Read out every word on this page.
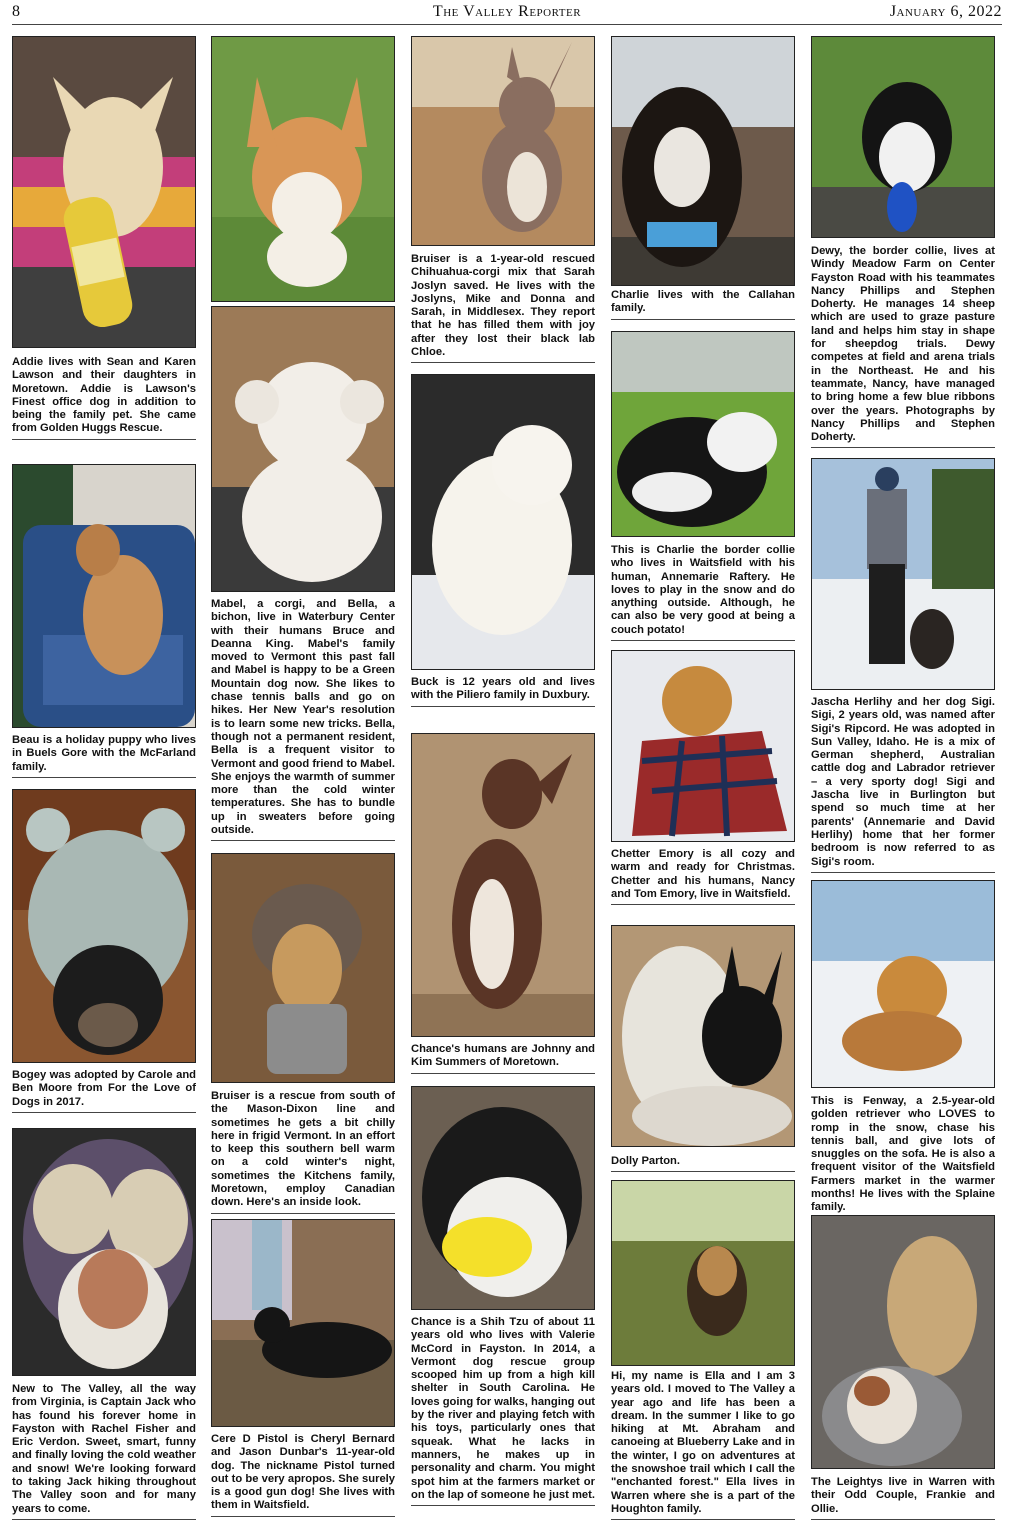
8	The Valley Reporter	January 6, 2022
Addie lives with Sean and Karen Lawson and their daughters in Moretown. Addie is Lawson's Finest office dog in addition to being the family pet. She came from Golden Huggs Rescue.
Beau is a holiday puppy who lives in Buels Gore with the McFarland family.
Bogey was adopted by Carole and Ben Moore from For the Love of Dogs in 2017.
New to The Valley, all the way from Virginia, is Captain Jack who has found his forever home in Fayston with Rachel Fisher and Eric Verdon. Sweet, smart, funny and finally loving the cold weather and snow! We're looking forward to taking Jack hiking throughout The Valley soon and for many years to come.
Mabel, a corgi, and Bella, a bichon, live in Waterbury Center with their humans Bruce and Deanna King. Mabel's family moved to Vermont this past fall and Mabel is happy to be a Green Mountain dog now. She likes to chase tennis balls and go on hikes. Her New Year's resolution is to learn some new tricks. Bella, though not a permanent resident, Bella is a frequent visitor to Vermont and good friend to Mabel. She enjoys the warmth of summer more than the cold winter temperatures. She has to bundle up in sweaters before going outside.
Bruiser is a rescue from south of the Mason-Dixon line and sometimes he gets a bit chilly here in frigid Vermont. In an effort to keep this southern bell warm on a cold winter's night, sometimes the Kitchens family, Moretown, employ Canadian down. Here's an inside look.
Cere D Pistol is Cheryl Bernard and Jason Dunbar's 11-year-old dog. The nickname Pistol turned out to be very apropos. She surely is a good gun dog! She lives with them in Waitsfield.
Bruiser is a 1-year-old rescued Chihuahua-corgi mix that Sarah Joslyn saved. He lives with the Joslyns, Mike and Donna and Sarah, in Middlesex. They report that he has filled them with joy after they lost their black lab Chloe.
Buck is 12 years old and lives with the Piliero family in Duxbury.
Chance's humans are Johnny and Kim Summers of Moretown.
Chance is a Shih Tzu of about 11 years old who lives with Valerie McCord in Fayston. In 2014, a Vermont dog rescue group scooped him up from a high kill shelter in South Carolina. He loves going for walks, hanging out by the river and playing fetch with his toys, particularly ones that squeak. What he lacks in manners, he makes up in personality and charm. You might spot him at the farmers market or on the lap of someone he just met.
Charlie lives with the Callahan family.
This is Charlie the border collie who lives in Waitsfield with his human, Annemarie Raftery. He loves to play in the snow and do anything outside. Although, he can also be very good at being a couch potato!
Chetter Emory is all cozy and warm and ready for Christmas. Chetter and his humans, Nancy and Tom Emory, live in Waitsfield.
Dolly Parton.
Hi, my name is Ella and I am 3 years old. I moved to The Valley a year ago and life has been a dream. In the summer I like to go hiking at Mt. Abraham and canoeing at Blueberry Lake and in the winter, I go on adventures at the snowshoe trail which I call the "enchanted forest." Ella lives in Warren where she is a part of the Houghton family.
Dewy, the border collie, lives at Windy Meadow Farm on Center Fayston Road with his teammates Nancy Phillips and Stephen Doherty. He manages 14 sheep which are used to graze pasture land and helps him stay in shape for sheepdog trials. Dewy competes at field and arena trials in the Northeast. He and his teammate, Nancy, have managed to bring home a few blue ribbons over the years. Photographs by Nancy Phillips and Stephen Doherty.
Jascha Herlihy and her dog Sigi. Sigi, 2 years old, was named after Sigi's Ripcord. He was adopted in Sun Valley, Idaho. He is a mix of German shepherd, Australian cattle dog and Labrador retriever – a very sporty dog! Sigi and Jascha live in Burlington but spend so much time at her parents' (Annemarie and David Herlihy) home that her former bedroom is now referred to as Sigi's room.
This is Fenway, a 2.5-year-old golden retriever who LOVES to romp in the snow, chase his tennis ball, and give lots of snuggles on the sofa. He is also a frequent visitor of the Waitsfield Farmers market in the warmer months! He lives with the Splaine family.
The Leightys live in Warren with their Odd Couple, Frankie and Ollie.
